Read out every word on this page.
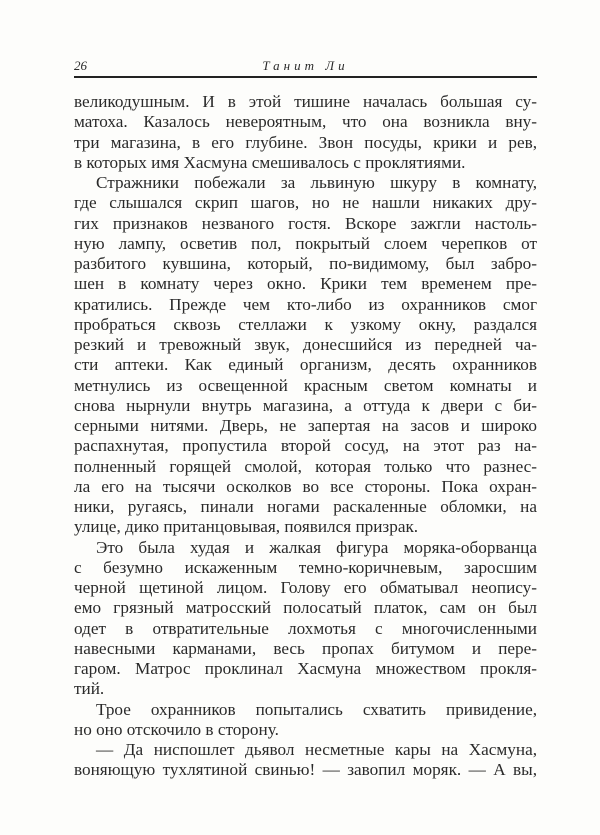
26	Танит Ли
великодушным. И в этой тишине началась большая су-
матоха. Казалось невероятным, что она возникла вну-
три магазина, в его глубине. Звон посуды, крики и рев,
в которых имя Хасмуна смешивалось с проклятиями.
Стражники побежали за львиную шкуру в комнату,
где слышался скрип шагов, но не нашли никаких дру-
гих признаков незваного гостя. Вскоре зажгли настоль-
ную лампу, осветив пол, покрытый слоем черепков от
разбитого кувшина, который, по-видимому, был забро-
шен в комнату через окно. Крики тем временем пре-
кратились. Прежде чем кто-либо из охранников смог
пробраться сквозь стеллажи к узкому окну, раздался
резкий и тревожный звук, донесшийся из передней ча-
сти аптеки. Как единый организм, десять охранников
метнулись из освещенной красным светом комнаты и
снова нырнули внутрь магазина, а оттуда к двери с би-
серными нитями. Дверь, не запертая на засов и широко
распахнутая, пропустила второй сосуд, на этот раз на-
полненный горящей смолой, которая только что разнес-
ла его на тысячи осколков во все стороны. Пока охран-
ники, ругаясь, пинали ногами раскаленные обломки, на
улице, дико пританцовывая, появился призрак.
Это была худая и жалкая фигура моряка-оборванца
с безумно искаженным темно-коричневым, заросшим
черной щетиной лицом. Голову его обматывал неопису-
емо грязный матросский полосатый платок, сам он был
одет в отвратительные лохмотья с многочисленными
навесными карманами, весь пропах битумом и пере-
гаром. Матрос проклинал Хасмуна множеством прокля-
тий.
Трое охранников попытались схватить привидение,
но оно отскочило в сторону.
— Да ниспошлет дьявол несметные кары на Хасмуна,
воняющую тухлятиной свинью! — завопил моряк. — А вы,
